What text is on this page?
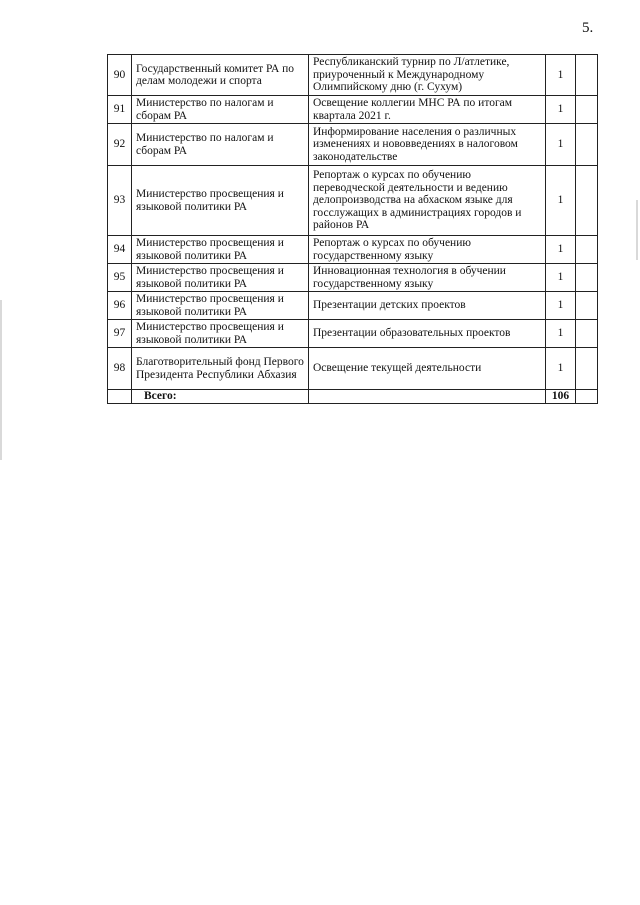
5.
90	Государственный комитет РА по делам молодежи и спорта	Республиканский турнир по Л/атлетике, приуроченный к Международному Олимпийскому дню (г. Сухум)	1	
91	Министерство по налогам и сборам РА	Освещение коллегии МНС РА по итогам квартала 2021 г.	1	
92	Министерство по налогам и сборам РА	Информирование населения о различных изменениях и нововведениях в налоговом законодательстве	1	
93	Министерство просвещения и языковой политики РА	Репортаж о курсах по обучению переводческой деятельности и ведению делопроизводства на абхаском языке для госслужащих в администрациях городов и районов РА	1	
94	Министерство просвещения и языковой политики РА	Репортаж о курсах по обучению государственному языку	1	
95	Министерство просвещения и языковой политики РА	Инновационная технология в обучении государственному языку	1	
96	Министерство просвещения и языковой политики РА	Презентации детских проектов	1	
97	Министерство просвещения и языковой политики РА	Презентации образовательных проектов	1	
98	Благотворительный фонд Первого Президента Республики Абхазия	Освещение текущей деятельности	1	
	Всего:		106	
